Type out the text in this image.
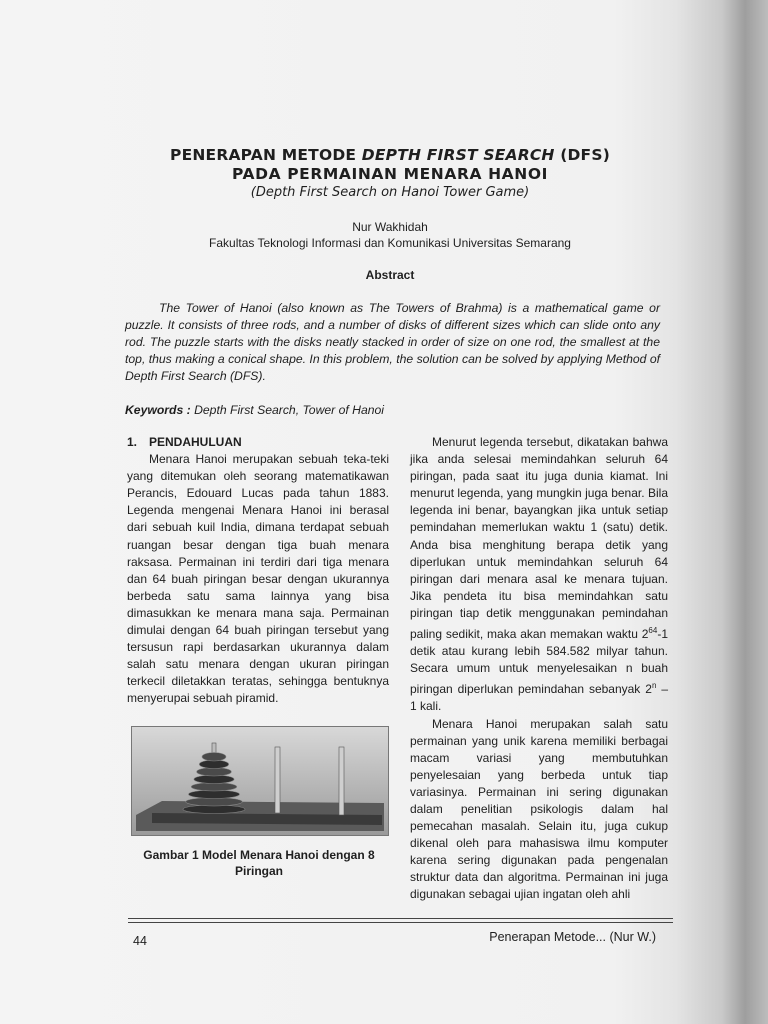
PENERAPAN METODE DEPTH FIRST SEARCH (DFS)
PADA PERMAINAN MENARA HANOI
(Depth First Search on Hanoi Tower Game)
Nur Wakhidah
Fakultas Teknologi Informasi dan Komunikasi Universitas Semarang
Abstract
The Tower of Hanoi (also known as The Towers of Brahma) is a mathematical game or puzzle. It consists of three rods, and a number of disks of different sizes which can slide onto any rod. The puzzle starts with the disks neatly stacked in order of size on one rod, the smallest at the top, thus making a conical shape. In this problem, the solution can be solved by applying Method of Depth First Search (DFS).
Keywords : Depth First Search, Tower of Hanoi
1. PENDAHULUAN

Menara Hanoi merupakan sebuah teka-teki yang ditemukan oleh seorang matematikawan Perancis, Edouard Lucas pada tahun 1883. Legenda mengenai Menara Hanoi ini berasal dari sebuah kuil India, dimana terdapat sebuah ruangan besar dengan tiga buah menara raksasa. Permainan ini terdiri dari tiga menara dan 64 buah piringan besar dengan ukurannya berbeda satu sama lainnya yang bisa dimasukkan ke menara mana saja. Permainan dimulai dengan 64 buah piringan tersebut yang tersusun rapi berdasarkan ukurannya dalam salah satu menara dengan ukuran piringan terkecil diletakkan teratas, sehingga bentuknya menyerupai sebuah piramid.

Gambar 1 Model Menara Hanoi dengan 8 Piringan

Menurut legenda tersebut, dikatakan bahwa jika anda selesai memindahkan seluruh 64 piringan, pada saat itu juga dunia kiamat. Ini menurut legenda, yang mungkin juga benar. Bila legenda ini benar, bayangkan jika untuk setiap pemindahan memerlukan waktu 1 (satu) detik. Anda bisa menghitung berapa detik yang diperlukan untuk memindahkan seluruh 64 piringan dari menara asal ke menara tujuan. Jika pendeta itu bisa memindahkan satu piringan tiap detik menggunakan pemindahan paling sedikit, maka akan memakan waktu $2^{64}-1$ detik atau kurang lebih 584.582 milyar tahun. Secara umum untuk menyelesaikan n buah piringan diperlukan pemindahan sebanyak 2$^n$ – 1 kali.

Menara Hanoi merupakan salah satu permainan yang unik karena memiliki berbagai macam variasi yang membutuhkan penyelesaian yang berbeda untuk tiap variasinya. Permainan ini sering digunakan dalam penelitian psikologis dalam hal pemecahan masalah. Selain itu, juga cukup dikenal oleh para mahasiswa ilmu komputer karena sering digunakan pada pengenalan struktur data dan algoritma. Permainan ini juga digunakan sebagai ujian ingatan oleh ahli

44	Penerapan Metode... (Nur W.)
